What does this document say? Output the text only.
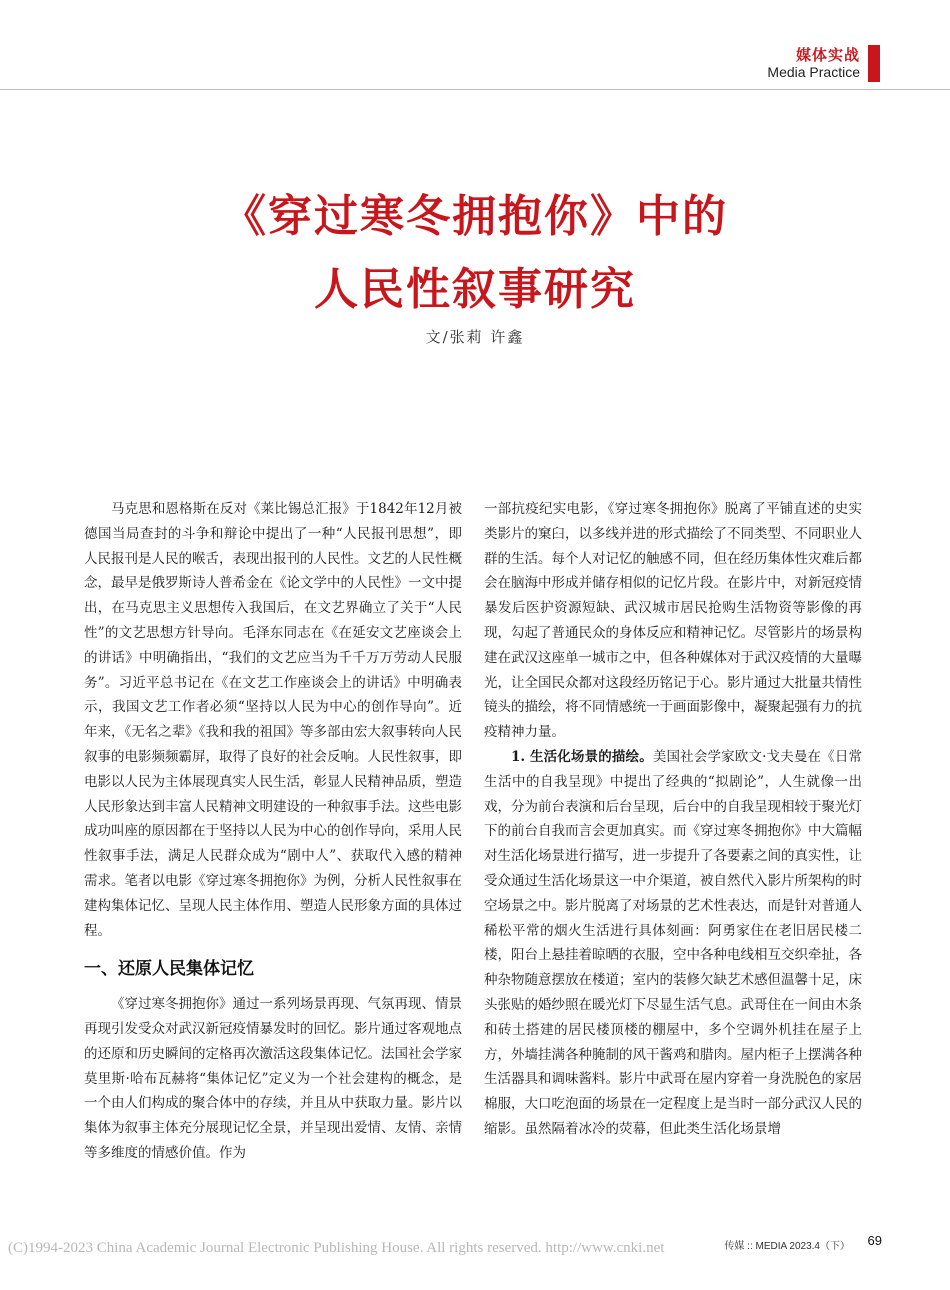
媒体实战
Media Practice
《穿过寒冬拥抱你》中的
人民性叙事研究
文/张莉 许鑫

马克思和恩格斯在反对《莱比锡总汇报》于1842年12月被德国当局查封的斗争和辩论中提出了一种“人民报刊思想”，即人民报刊是人民的喉舌，表现出报刊的人民性。文艺的人民性概念，最早是俄罗斯诗人普希金在《论文学中的人民性》一文中提出，在马克思主义思想传入我国后，在文艺界确立了关于“人民性”的文艺思想方针导向。毛泽东同志在《在延安文艺座谈会上的讲话》中明确指出，“我们的文艺应当为千千万万劳动人民服务”。习近平总书记在《在文艺工作座谈会上的讲话》中明确表示，我国文艺工作者必须“坚持以人民为中心的创作导向”。近年来，《无名之辈》《我和我的祖国》等多部由宏大叙事转向人民叙事的电影频频霸屏，取得了良好的社会反响。人民性叙事，即电影以人民为主体展现真实人民生活，彰显人民精神品质，塑造人民形象达到丰富人民精神文明建设的一种叙事手法。这些电影成功叫座的原因都在于坚持以人民为中心的创作导向，采用人民性叙事手法，满足人民群众成为“剧中人”、获取代入感的精神需求。笔者以电影《穿过寒冬拥抱你》为例，分析人民性叙事在建构集体记忆、呈现人民主体作用、塑造人民形象方面的具体过程。

一、还原人民集体记忆

《穿过寒冬拥抱你》通过一系列场景再现、气氛再现、情景再现引发受众对武汉新冠疫情暴发时的回忆。影片通过客观地点的还原和历史瞬间的定格再次激活这段集体记忆。法国社会学家莫里斯·哈布瓦赫将“集体记忆”定义为一个社会建构的概念，是一个由人们构成的聚合体中的存续，并且从中获取力量。影片以集体为叙事主体充分展现记忆全景，并呈现出爱情、友情、亲情等多维度的情感价值。作为

一部抗疫纪实电影，《穿过寒冬拥抱你》脱离了平铺直述的史实类影片的窠臼，以多线并进的形式描绘了不同类型、不同职业人群的生活。每个人对记忆的触感不同，但在经历集体性灾难后都会在脑海中形成并储存相似的记忆片段。在影片中，对新冠疫情暴发后医护资源短缺、武汉城市居民抢购生活物资等影像的再现，勾起了普通民众的身体反应和精神记忆。尽管影片的场景构建在武汉这座单一城市之中，但各种媒体对于武汉疫情的大量曝光，让全国民众都对这段经历铭记于心。影片通过大批量共情性镜头的描绘，将不同情感统一于画面影像中，凝聚起强有力的抗疫精神力量。

1. 生活化场景的描绘。美国社会学家欧文·戈夫曼在《日常生活中的自我呈现》中提出了经典的“拟剧论”，人生就像一出戏，分为前台表演和后台呈现，后台中的自我呈现相较于聚光灯下的前台自我而言会更加真实。而《穿过寒冬拥抱你》中大篇幅对生活化场景进行描写，进一步提升了各要素之间的真实性，让受众通过生活化场景这一中介渠道，被自然代入影片所架构的时空场景之中。影片脱离了对场景的艺术性表达，而是针对普通人稀松平常的烟火生活进行具体刻画：阿勇家住在老旧居民楼二楼，阳台上悬挂着晾晒的衣服，空中各种电线相互交织牵扯，各种杂物随意摆放在楼道；室内的装修欠缺艺术感但温馨十足，床头张贴的婚纱照在暖光灯下尽显生活气息。武哥住在一间由木条和砖土搭建的居民楼顶楼的棚屋中，多个空调外机挂在屋子上方，外墙挂满各种腌制的风干酱鸡和腊肉。屋内柜子上摆满各种生活器具和调味酱料。影片中武哥在屋内穿着一身洗脱色的家居棉服，大口吃泡面的场景在一定程度上是当时一部分武汉人民的缩影。虽然隔着冰冷的荧幕，但此类生活化场景增

(C)1994-2023 China Academic Journal Electronic Publishing House. All rights reserved. http://www.cnki.net	传媒 :: MEDIA 2023.4（下） 69
